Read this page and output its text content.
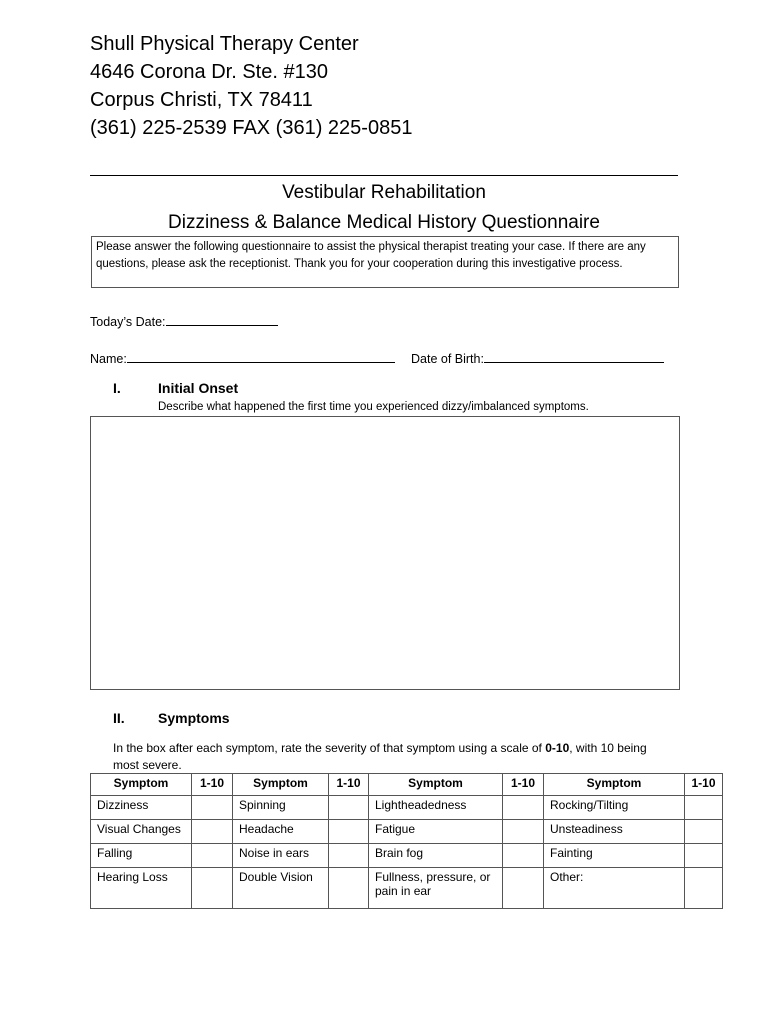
Shull Physical Therapy Center
4646 Corona Dr. Ste. #130
Corpus Christi, TX 78411
(361) 225-2539 FAX (361) 225-0851
Vestibular Rehabilitation
Dizziness & Balance Medical History Questionnaire
Please answer the following questionnaire to assist the physical therapist treating your case. If there are any questions, please ask the receptionist. Thank you for your cooperation during this investigative process.
Today’s Date:
Name:	Date of Birth:
I.	Initial Onset
Describe what happened the first time you experienced dizzy/imbalanced symptoms.
II. Symptoms
In the box after each symptom, rate the severity of that symptom using a scale of 0-10, with 10 being most severe.
Symptom	1-10	Symptom	1-10	Symptom	1-10	Symptom	1-10
Dizziness		Spinning		Lightheadedness		Rocking/Tilting	
Visual Changes		Headache		Fatigue		Unsteadiness	
Falling		Noise in ears		Brain fog		Fainting	
Hearing Loss		Double Vision		Fullness, pressure, or pain in ear		Other:	
